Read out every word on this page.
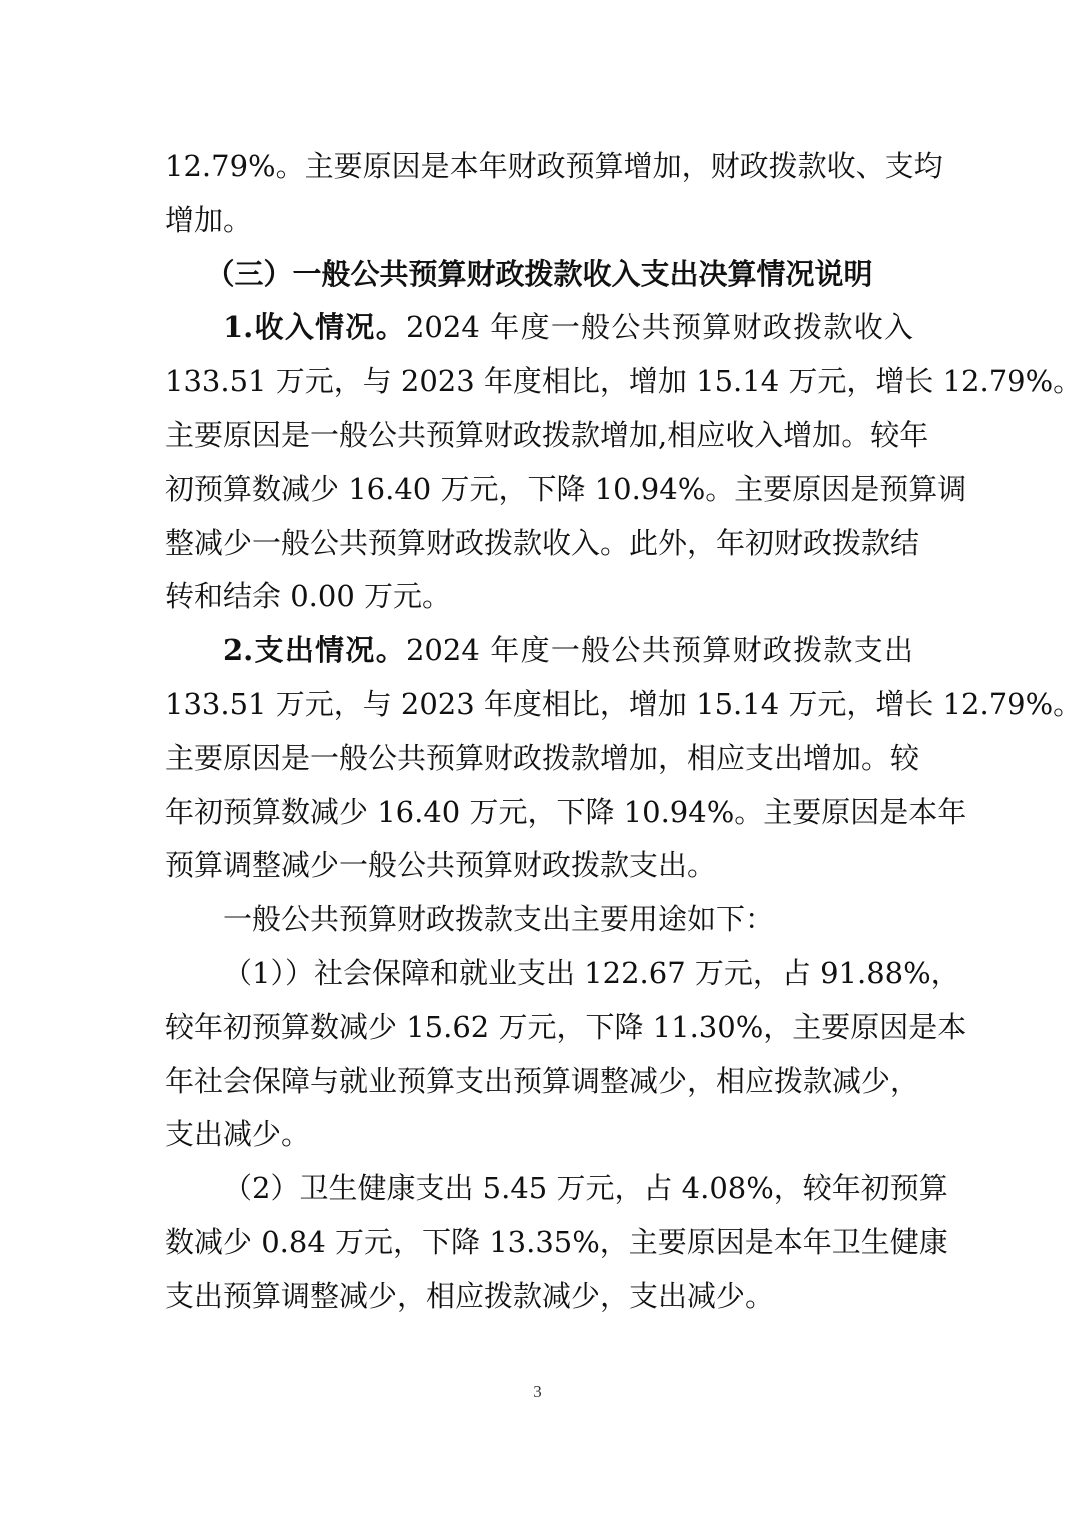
12.79%。主要原因是本年财政预算增加，财政拨款收、支均
增加。
（三）一般公共预算财政拨款收入支出决算情况说明
1.收入情况。2024 年度一般公共预算财政拨款收入
133.51 万元，与 2023 年度相比，增加 15.14 万元，增长 12.79%。
主要原因是一般公共预算财政拨款增加,相应收入增加。较年
初预算数减少 16.40 万元，下降 10.94%。主要原因是预算调
整减少一般公共预算财政拨款收入。此外，年初财政拨款结
转和结余 0.00 万元。
2.支出情况。2024 年度一般公共预算财政拨款支出
133.51 万元，与 2023 年度相比，增加 15.14 万元，增长 12.79%。
主要原因是一般公共预算财政拨款增加，相应支出增加。较
年初预算数减少 16.40 万元，下降 10.94%。主要原因是本年
预算调整减少一般公共预算财政拨款支出。
一般公共预算财政拨款支出主要用途如下：
（1））社会保障和就业支出 122.67 万元，占 91.88%，
较年初预算数减少 15.62 万元，下降 11.30%，主要原因是本
年社会保障与就业预算支出预算调整减少，相应拨款减少，
支出减少。
（2）卫生健康支出 5.45 万元，占 4.08%，较年初预算
数减少 0.84 万元，下降 13.35%，主要原因是本年卫生健康
支出预算调整减少，相应拨款减少，支出减少。
3
